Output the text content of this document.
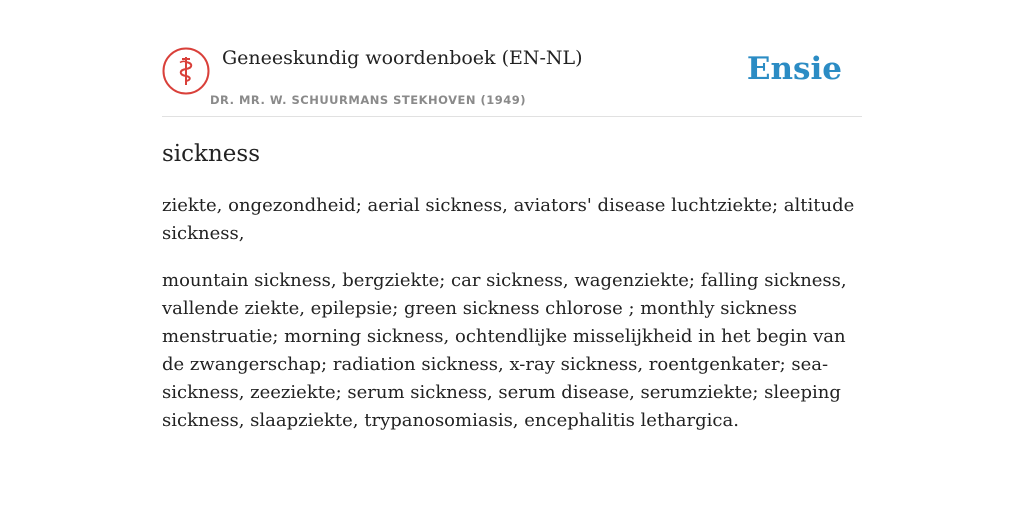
Geneeskundig woordenboek (EN-NL)
DR. MR. W. SCHUURMANS STEKHOVEN (1949)
Ensie
sickness

ziekte, ongezondheid; aerial sickness, aviators' disease luchtziekte; altitude sickness,

mountain sickness, bergziekte; car sickness, wagenziekte; falling sickness, vallende ziekte, epilepsie; green sickness chlorose ; monthly sickness menstruatie; morning sickness, ochtendlijke misselijkheid in het begin van de zwangerschap; radiation sickness, x-ray sickness, roentgenkater; sea-sickness, zeeziekte; serum sickness, serum disease, serumziekte; sleeping sickness, slaapziekte, trypanosomiasis, encephalitis lethargica.
